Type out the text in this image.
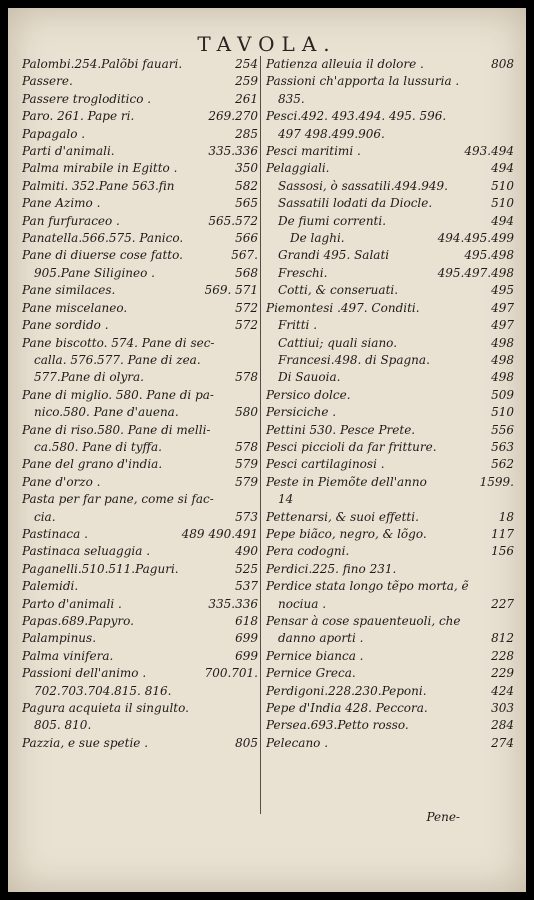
TAVOLA.
Palombi.254.Palõbi fauari.	254
Passere.	259
Passere trogloditico .	261
Paro. 261. Pape ri.	269.270
Papagalo .	285
Parti d'animali.	335.336
Palma mirabile in Egitto .	350
Palmiti. 352.Pane 563.fin	582
Pane Azimo .	565
Pan furfuraceo .	565.572
Panatella.566.575. Panico.	566
Pane di diuerse cose fatto.	567.
905.Pane Siligineo .	568
Pane similaces.	569. 571
Pane miscelaneo.	572
Pane sordido .	572
Pane biscotto. 574. Pane di sec-
calla. 576.577. Pane di zea.
577.Pane di olyra.	578
Pane di miglio. 580. Pane di pa-
nico.580. Pane d'auena.	580
Pane di riso.580. Pane di melli-
ca.580. Pane di tyffa.	578
Pane del grano d'india.	579
Pane d'orzo .	579
Pasta per far pane, come si fac-
cia.	573
Pastinaca .	489 490.491
Pastinaca seluaggia .	490
Paganelli.510.511.Paguri.	525
Palemidi.	537
Parto d'animali .	335.336
Papas.689.Papyro.	618
Palampinus.	699
Palma vinifera.	699
Passioni dell'animo .	700.701.
702.703.704.815. 816.
Pagura acquieta il singulto.
805. 810.
Pazzia, e sue spetie .	805
Patienza alleuia il dolore .	808
Passioni ch'apporta la lussuria .
835.
Pesci.492. 493.494. 495. 596.
497 498.499.906.
Pesci maritimi .	493.494
Pelaggiali.	494
Sassosi, ò sassatili.494.949.	510
Sassatili lodati da Diocle.	510
De fiumi correnti.	494
De laghi.	494.495.499
Grandi 495. Salati	495.498
Freschi.	495.497.498
Cotti, & conseruati.	495
Piemontesi .497. Conditi.	497
Fritti .	497
Cattiui; quali siano.	498
Francesi.498. di Spagna.	498
Di Sauoia.	498
Persico dolce.	509
Persiciche .	510
Pettini 530. Pesce Prete.	556
Pesci piccioli da far fritture.	563
Pesci cartilaginosi .	562
Peste in Piemõte dell'anno	1599.
14
Pettenarsi, & suoi effetti.	18
Pepe biãco, negro, & lõgo.	117
Pera codogni.	156
Perdici.225. fino 231.
Perdice stata longo tẽpo morta, ẽ
nociua .	227
Pensar à cose spauenteuoli, che
danno aporti .	812
Pernice bianca .	228
Pernice Greca.	229
Perdigoni.228.230.Peponi.	424
Pepe d'India 428. Peccora.	303
Persea.693.Petto rosso.	284
Pelecano .	274
Pene-
